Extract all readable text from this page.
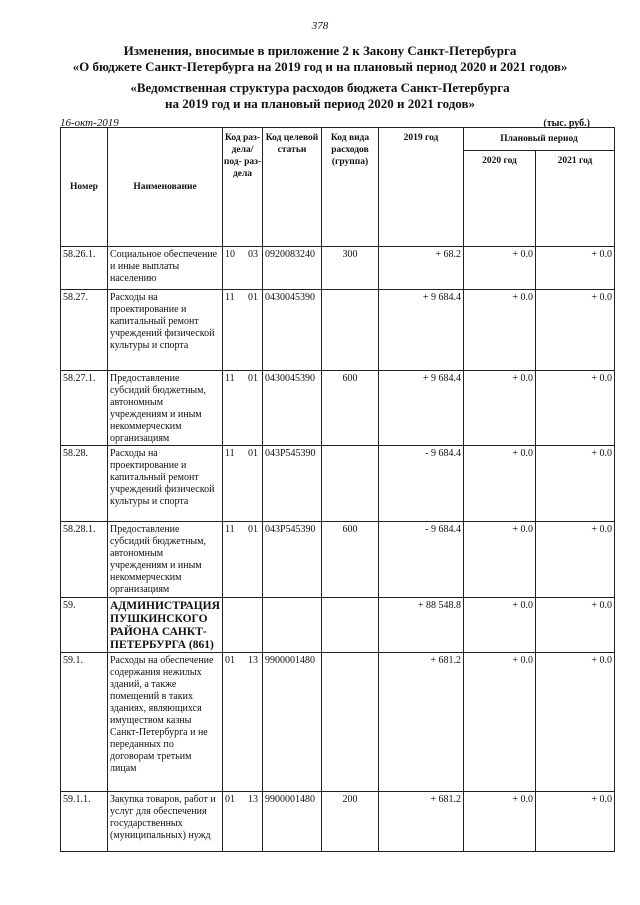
378
Изменения, вносимые в приложение 2 к Закону Санкт-Петербурга
«О бюджете Санкт-Петербурга на 2019 год и на плановый период 2020 и 2021 годов»
«Ведомственная структура расходов бюджета Санкт-Петербурга
на 2019 год и на плановый период 2020 и 2021 годов»
16-окт-2019	(тыс. руб.)
Номер	Наименование	Код раз- дела/ под- раз- дела	Код целевой статьи	Код вида расходов (группа)	2019 год	Плановый период	
						2020 год	2021 год
58.26.1.	Социальное обеспечение и иные выплаты населению	10 03	0920083240	300	+ 68.2	+ 0.0	+ 0.0
58.27.	Расходы на проектирование и капитальный ремонт учреждений физической культуры и спорта	11 01	0430045390		+ 9 684.4	+ 0.0	+ 0.0
58.27.1.	Предоставление субсидий бюджетным, автономным учреждениям и иным некоммерческим организациям	11 01	0430045390	600	+ 9 684.4	+ 0.0	+ 0.0
58.28.	Расходы на проектирование и капитальный ремонт учреждений физической культуры и спорта	11 01	043Р545390		- 9 684.4	+ 0.0	+ 0.0
58.28.1.	Предоставление субсидий бюджетным, автономным учреждениям и иным некоммерческим организациям	11 01	043Р545390	600	- 9 684.4	+ 0.0	+ 0.0
59.	АДМИНИСТРАЦИЯ ПУШКИНСКОГО РАЙОНА САНКТ-ПЕТЕРБУРГА (861)				+ 88 548.8	+ 0.0	+ 0.0
59.1.	Расходы на обеспечение содержания нежилых зданий, а также помещений в таких зданиях, являющихся имуществом казны Санкт-Петербурга и не переданных по договорам третьим лицам	01 13	9900001480		+ 681.2	+ 0.0	+ 0.0
59.1.1.	Закупка товаров, работ и услуг для обеспечения государственных (муниципальных) нужд	01 13	9900001480	200	+ 681.2	+ 0.0	+ 0.0
